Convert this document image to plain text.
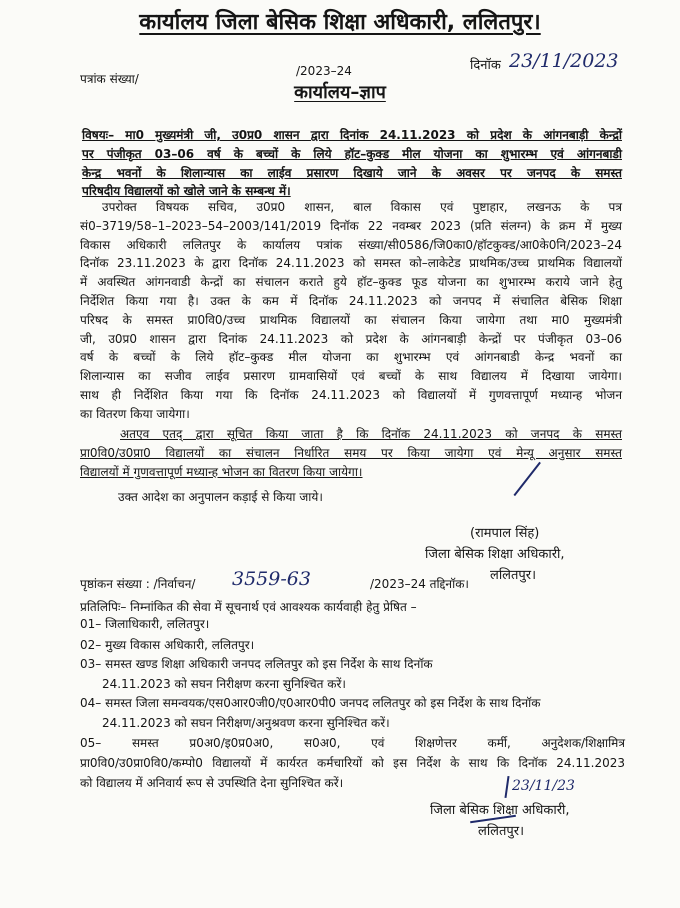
कार्यालय जिला बेसिक शिक्षा अधिकारी, ललितपुर।
दिनॉक 23/11/2023
पत्रांक संख्या/
/2023–24
कार्यालय–ज्ञाप
विषयः– मा0 मुख्यमंत्री जी, उ0प्र0 शासन द्वारा दिनांक 24.11.2023 को प्रदेश के आंगनबाड़ी केन्द्रों
पर पंजीकृत 03–06 वर्ष के बच्चों के लिये हॉट–कुक्ड मील योजना का शुभारम्भ एवं आंगनबाडी
केन्द्र भवनों के शिलान्यास का लाईव प्रसारण दिखाये जाने के अवसर पर जनपद के समस्त
परिषदीय विद्यालयों को खोले जाने के सम्बन्ध में।
उपरोक्त विषयक सचिव, उ0प्र0 शासन, बाल विकास एवं पुष्टाहार, लखनऊ के पत्र
सं0–3719/58–1–2023–54–2003/141/2019 दिनॉक 22 नवम्बर 2023 (प्रति संलग्न) के क्रम में मुख्य
विकास अधिकारी ललितपुर के कार्यालय पत्रांक संख्या/सी0586/जि0का0/हॉटकुक्ड/आ0के0नि/2023–24
दिनॉक 23.11.2023 के द्वारा दिनॉक 24.11.2023 को समस्त को–लाकेटेड प्राथमिक/उच्च प्राथमिक विद्यालयों
में अवस्थित आंगनवाडी केन्द्रों का संचालन कराते हुये हॉट–कुक्ड फूड योजना का शुभारम्भ कराये जाने हेतु
निर्देशित किया गया है। उक्त के कम में दिनॉक 24.11.2023 को जनपद में संचालित बेसिक शिक्षा
परिषद के समस्त प्रा0वि0/उच्च प्राथमिक विद्यालयों का संचालन किया जायेगा तथा मा0 मुख्यमंत्री
जी, उ0प्र0 शासन द्वारा दिनांक 24.11.2023 को प्रदेश के आंगनबाड़ी केन्द्रों पर पंजीकृत 03–06
वर्ष के बच्चों के लिये हॉट–कुक्ड मील योजना का शुभारम्भ एवं आंगनबाडी केन्द्र भवनों का
शिलान्यास का सजीव लाईव प्रसारण ग्रामवासियों एवं बच्चों के साथ विद्यालय में दिखाया जायेगा।
साथ ही निर्देशित किया गया कि दिनॉक 24.11.2023 को विद्यालयों में गुणवत्तापूर्ण मध्यान्ह भोजन
का वितरण किया जायेगा।
अतएव एतद् द्वारा सूचित किया जाता है कि दिनॉक 24.11.2023 को जनपद के समस्त
प्रा0वि0/उ0प्रा0 विद्यालयों का संचालन निर्धारित समय पर किया जायेगा एवं मेन्यू अनुसार समस्त
विद्यालयों में गुणवत्तापूर्ण मध्यान्ह भोजन का वितरण किया जायेगा।
उक्त आदेश का अनुपालन कड़ाई से किया जाये।
(रामपाल सिंह)
जिला बेसिक शिक्षा अधिकारी,
ललितपुर।
पृष्ठांकन संख्या : /निर्वाचन/ 3559-63	/2023–24 तद्दिनॉक।
प्रतिलिपिः– निम्नांकित की सेवा में सूचनार्थ एवं आवश्यक कार्यवाही हेतु प्रेषित –
01– जिलाधिकारी, ललितपुर।
02– मुख्य विकास अधिकारी, ललितपुर।
03– समस्त खण्ड शिक्षा अधिकारी जनपद ललितपुर को इस निर्देश के साथ दिनॉक
24.11.2023 को सघन निरीक्षण करना सुनिश्चित करें।
04– समस्त जिला समन्वयक/एस0आर0जी0/ए0आर0पी0 जनपद ललितपुर को इस निर्देश के साथ दिनॉक
24.11.2023 को सघन निरीक्षण/अनुश्रवण करना सुनिश्चित करें।
05– समस्त प्र0अ0/इ0प्र0अ0, स0अ0, एवं शिक्षणेत्तर कर्मी, अनुदेशक/शिक्षामित्र
प्रा0वि0/उ0प्रा0वि0/कम्पो0 विद्यालयों में कार्यरत कर्मचारियों को इस निर्देश के साथ कि दिनॉक 24.11.2023
को विद्यालय में अनिवार्य रूप से उपस्थिति देना सुनिश्चित करें।	23/11/23
जिला बेसिक शिक्षा अधिकारी,
ललितपुर।
